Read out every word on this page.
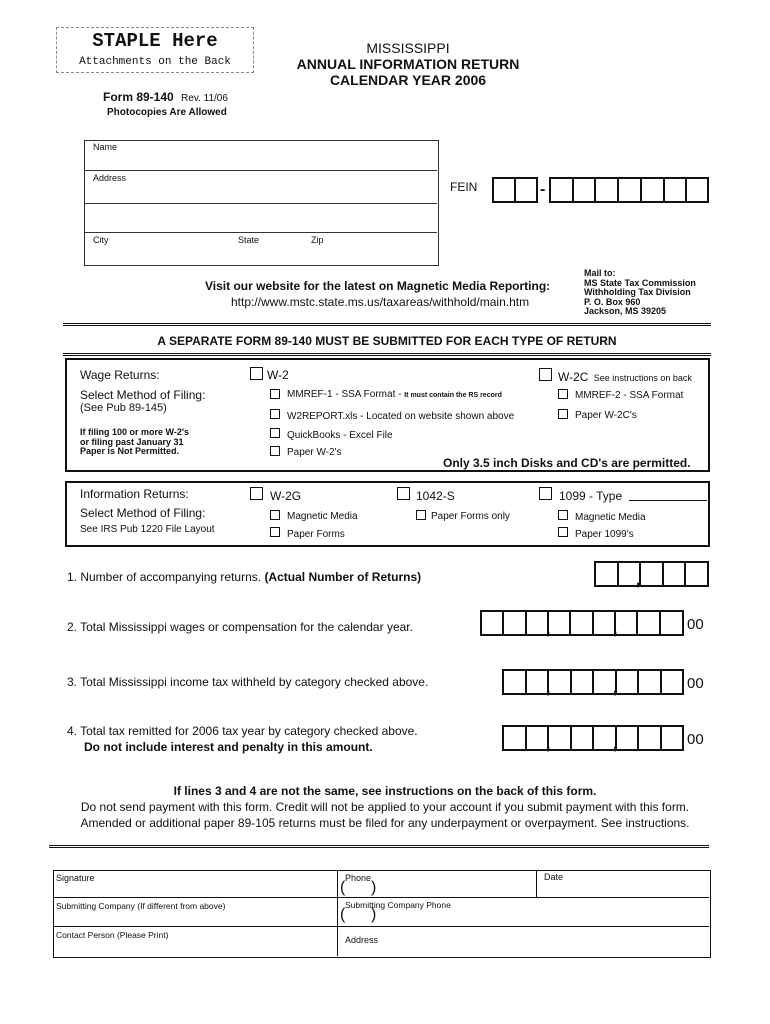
STAPLE Here
Attachments on the Back
MISSISSIPPI
ANNUAL INFORMATION RETURN
CALENDAR YEAR 2006
Form 89-140 Rev. 11/06
Photocopies Are Allowed
Name
Address
City	State	Zip
FEIN	-
Visit our website for the latest on Magnetic Media Reporting:
http://www.mstc.state.ms.us/taxareas/withhold/main.htm
Mail to:
MS State Tax Commission
Withholding Tax Division
P. O. Box 960
Jackson, MS 39205
A SEPARATE FORM 89-140 MUST BE SUBMITTED FOR EACH TYPE OF RETURN
Wage Returns:
Select Method of Filing:
(See Pub 89-145)
If filing 100 or more W-2's
or filing past January 31
Paper is Not Permitted.
W-2	W-2C See instructions on back
MMREF-1 - SSA Format - It must contain the RS record
W2REPORT.xls - Located on website shown above
QuickBooks - Excel File
Paper W-2's
MMREF-2 - SSA Format
Paper W-2C's
Only 3.5 inch Disks and CD's are permitted.
Information Returns:
Select Method of Filing:
See IRS Pub 1220 File Layout
W-2G	1042-S	1099 - Type
Magnetic Media
Paper Forms
Paper Forms only	Magnetic Media
Paper 1099's
1. Number of accompanying returns. (Actual Number of Returns)	,
2. Total Mississippi wages or compensation for the calendar year.	,	,	00
3. Total Mississippi income tax withheld by category checked above.	,	,	00
4. Total tax remitted for 2006 tax year by category checked above.
Do not include interest and penalty in this amount.	,	,	00
If lines 3 and 4 are not the same, see instructions on the back of this form.
Do not send payment with this form. Credit will not be applied to your account if you submit payment with this form.
Amended or additional paper 89-105 returns must be filed for any underpayment or overpayment. See instructions.
Signature	Phone	Date
( )
Submitting Company (If different from above)	Submitting Company Phone
( )
Contact Person (Please Print)	Address
